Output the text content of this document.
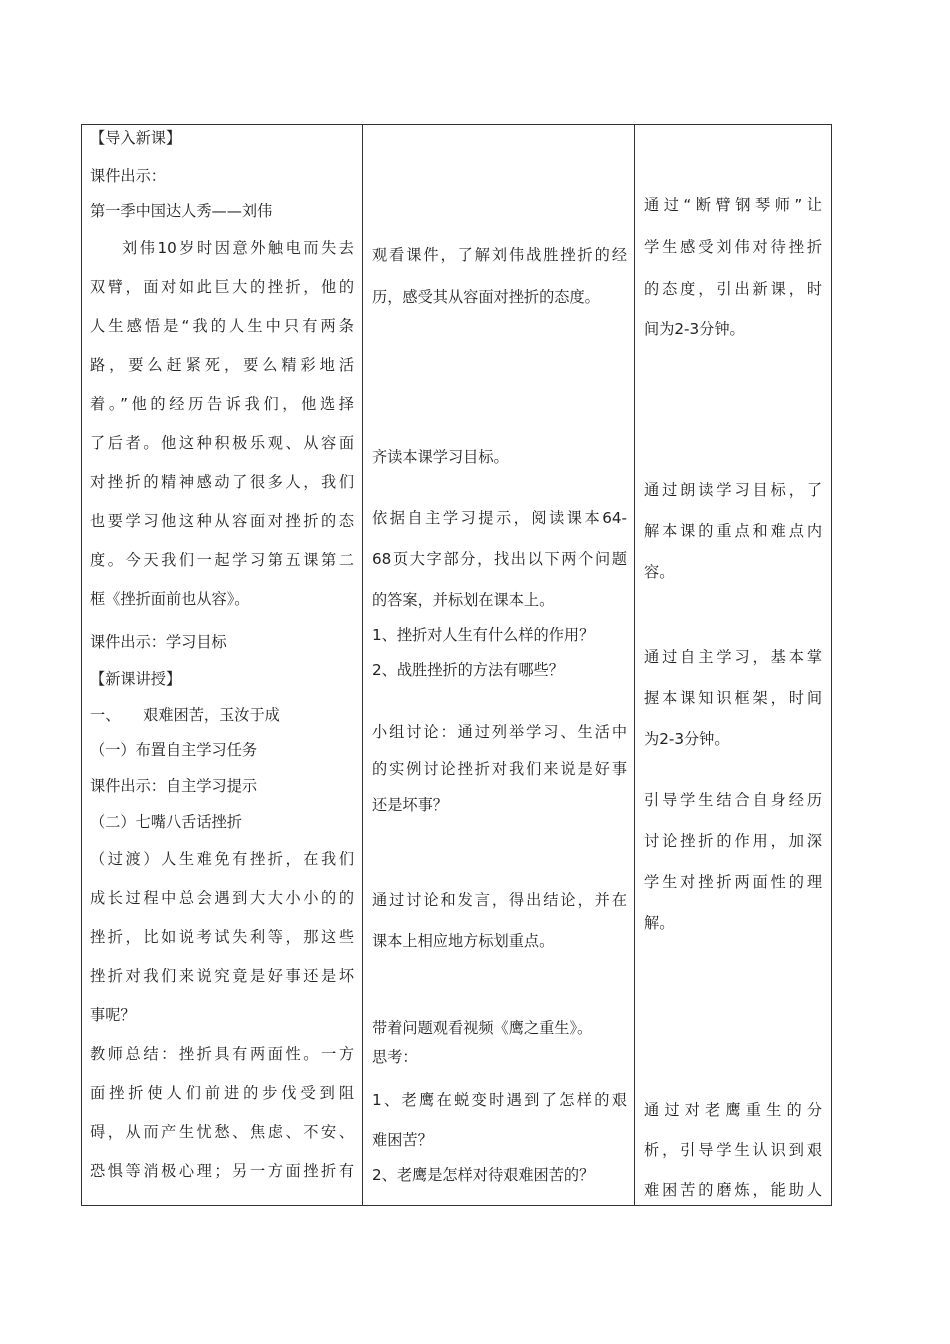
【导入新课】
课件出示：
第一季中国达人秀——刘伟
刘伟10岁时因意外触电而失去
双臂，面对如此巨大的挫折，他的
人生感悟是“我的人生中只有两条
路，要么赶紧死，要么精彩地活
着。”他的经历告诉我们，他选择
了后者。他这种积极乐观、从容面
对挫折的精神感动了很多人，我们
也要学习他这种从容面对挫折的态
度。今天我们一起学习第五课第二
框《挫折面前也从容》。
课件出示：学习目标
【新课讲授】
一、　　艰难困苦，玉汝于成
（一）布置自主学习任务
课件出示：自主学习提示
（二）七嘴八舌话挫折
（过渡）人生难免有挫折，在我们
成长过程中总会遇到大大小小的的
挫折，比如说考试失利等，那这些
挫折对我们来说究竟是好事还是坏
事呢？
教师总结：挫折具有两面性。一方
面挫折使人们前进的步伐受到阻
碍，从而产生忧愁、焦虑、不安、
恐惧等消极心理；另一方面挫折有
观看课件，了解刘伟战胜挫折的经
历，感受其从容面对挫折的态度。
齐读本课学习目标。
依据自主学习提示，阅读课本64-
68页大字部分，找出以下两个问题
的答案，并标划在课本上。
1、挫折对人生有什么样的作用？
2、战胜挫折的方法有哪些？
小组讨论：通过列举学习、生活中
的实例讨论挫折对我们来说是好事
还是坏事？
通过讨论和发言，得出结论，并在
课本上相应地方标划重点。
带着问题观看视频《鹰之重生》。
思考：
1、老鹰在蜕变时遇到了怎样的艰
难困苦？
2、老鹰是怎样对待艰难困苦的？
通过“断臂钢琴师”让
学生感受刘伟对待挫折
的态度，引出新课，时
间为2-3分钟。
通过朗读学习目标，了
解本课的重点和难点内
容。
通过自主学习，基本掌
握本课知识框架，时间
为2-3分钟。
引导学生结合自身经历
讨论挫折的作用，加深
学生对挫折两面性的理
解。
通过对老鹰重生的分
析，引导学生认识到艰
难困苦的磨炼，能助人
